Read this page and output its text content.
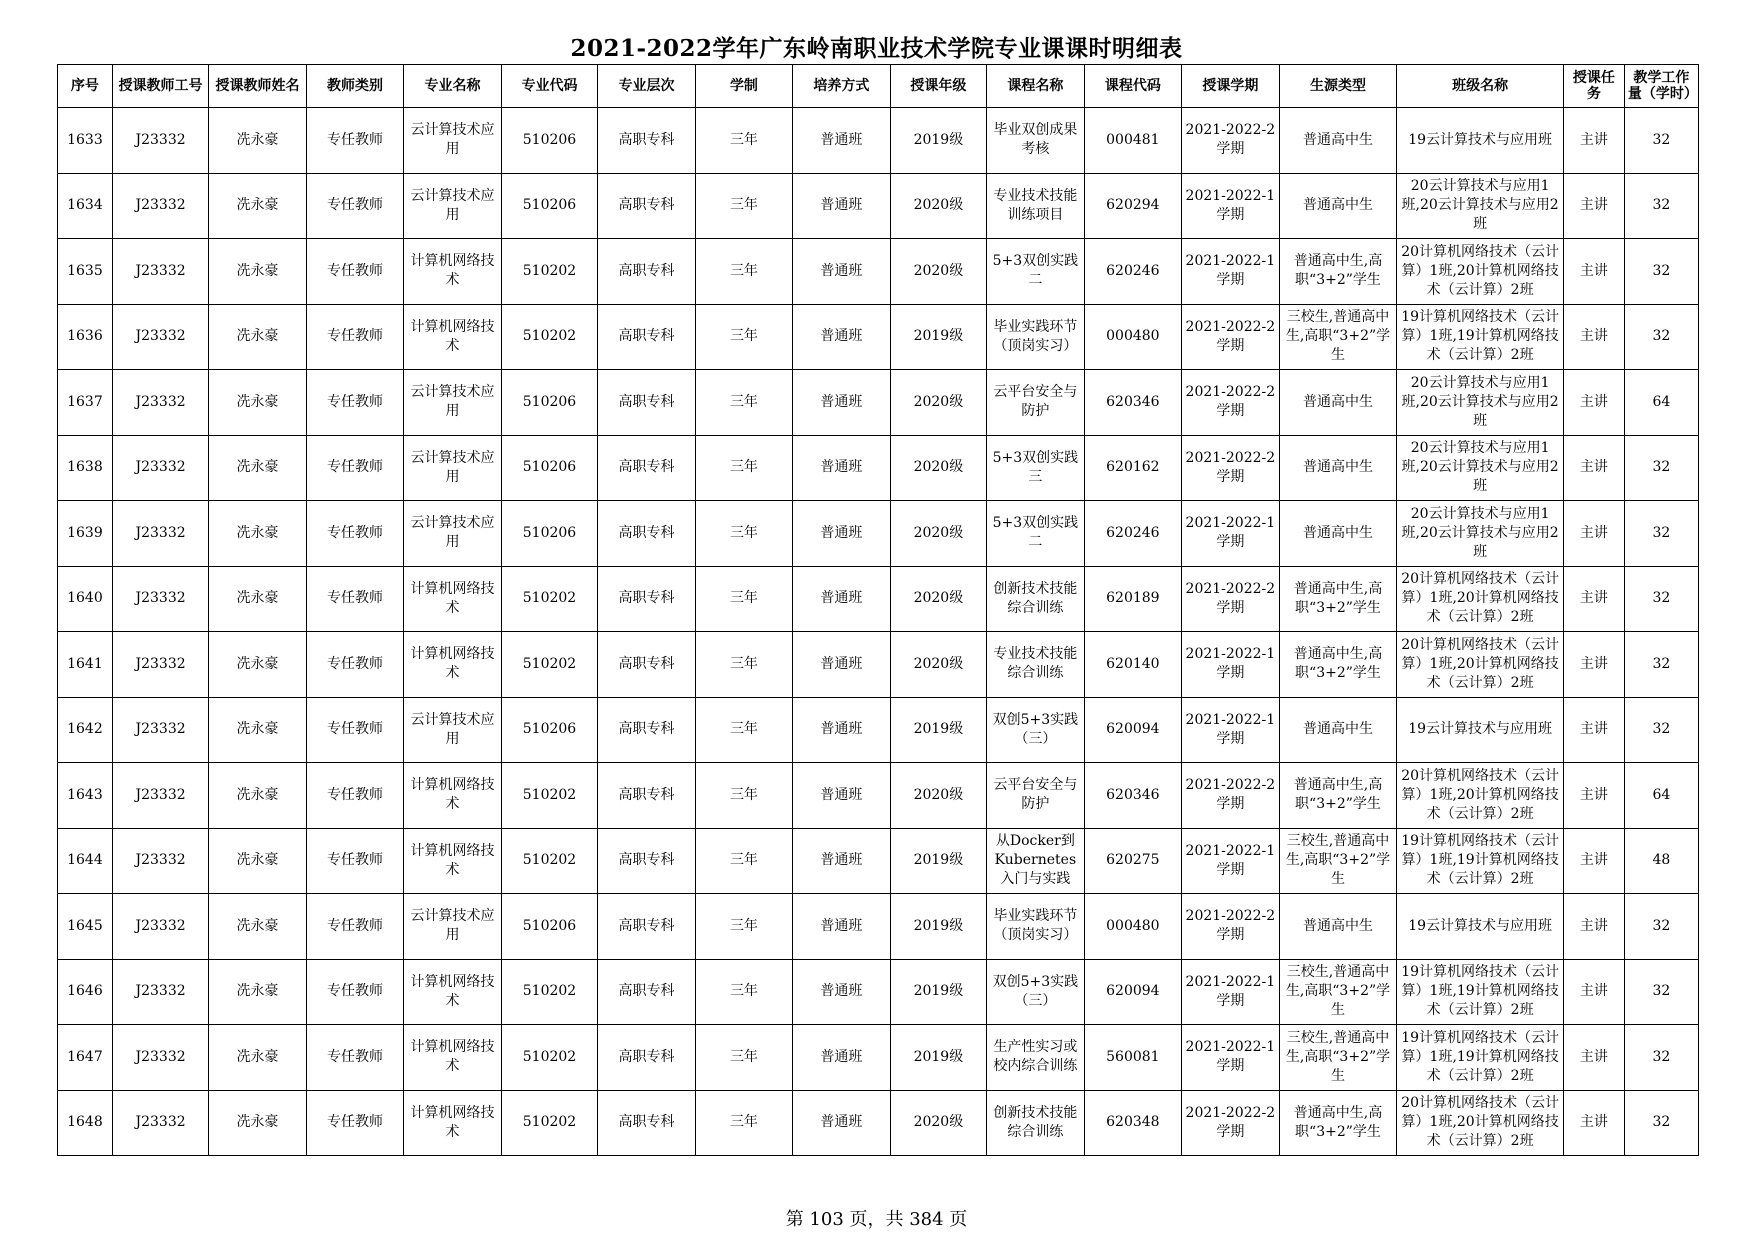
2021-2022学年广东岭南职业技术学院专业课课时明细表
序号	授课教师工号	授课教师姓名	教师类别	专业名称	专业代码	专业层次	学制	培养方式	授课年级	课程名称	课程代码	授课学期	生源类型	班级名称	授课任务	教学工作量（学时）

1633	J23332	冼永豪	专任教师	云计算技术应用	510206	高职专科	三年	普通班	2019级	毕业双创成果考核	000481	2021-2022-2学期	普通高中生	19云计算技术与应用班	主讲	32

1634	J23332	冼永豪	专任教师	云计算技术应用	510206	高职专科	三年	普通班	2020级	专业技术技能训练项目	620294	2021-2022-1学期	普通高中生	20云计算技术与应用1班,20云计算技术与应用2班	主讲	32

1635	J23332	冼永豪	专任教师	计算机网络技术	510202	高职专科	三年	普通班	2020级	5+3双创实践二	620246	2021-2022-1学期	普通高中生,高职“3+2”学生	20计算机网络技术（云计算）1班,20计算机网络技术（云计算）2班	主讲	32

1636	J23332	冼永豪	专任教师	计算机网络技术	510202	高职专科	三年	普通班	2019级	毕业实践环节（顶岗实习）	000480	2021-2022-2学期	三校生,普通高中生,高职“3+2”学生	19计算机网络技术（云计算）1班,19计算机网络技术（云计算）2班	主讲	32

1637	J23332	冼永豪	专任教师	云计算技术应用	510206	高职专科	三年	普通班	2020级	云平台安全与防护	620346	2021-2022-2学期	普通高中生	20云计算技术与应用1班,20云计算技术与应用2班	主讲	64

1638	J23332	冼永豪	专任教师	云计算技术应用	510206	高职专科	三年	普通班	2020级	5+3双创实践三	620162	2021-2022-2学期	普通高中生	20云计算技术与应用1班,20云计算技术与应用2班	主讲	32

1639	J23332	冼永豪	专任教师	云计算技术应用	510206	高职专科	三年	普通班	2020级	5+3双创实践二	620246	2021-2022-1学期	普通高中生	20云计算技术与应用1班,20云计算技术与应用2班	主讲	32

1640	J23332	冼永豪	专任教师	计算机网络技术	510202	高职专科	三年	普通班	2020级	创新技术技能综合训练	620189	2021-2022-2学期	普通高中生,高职“3+2”学生	20计算机网络技术（云计算）1班,20计算机网络技术（云计算）2班	主讲	32

1641	J23332	冼永豪	专任教师	计算机网络技术	510202	高职专科	三年	普通班	2020级	专业技术技能综合训练	620140	2021-2022-1学期	普通高中生,高职“3+2”学生	20计算机网络技术（云计算）1班,20计算机网络技术（云计算）2班	主讲	32

1642	J23332	冼永豪	专任教师	云计算技术应用	510206	高职专科	三年	普通班	2019级	双创5+3实践（三）	620094	2021-2022-1学期	普通高中生	19云计算技术与应用班	主讲	32

1643	J23332	冼永豪	专任教师	计算机网络技术	510202	高职专科	三年	普通班	2020级	云平台安全与防护	620346	2021-2022-2学期	普通高中生,高职“3+2”学生	20计算机网络技术（云计算）1班,20计算机网络技术（云计算）2班	主讲	64

1644	J23332	冼永豪	专任教师	计算机网络技术	510202	高职专科	三年	普通班	2019级	从Docker到Kubernetes入门与实践	620275	2021-2022-1学期	三校生,普通高中生,高职“3+2”学生	19计算机网络技术（云计算）1班,19计算机网络技术（云计算）2班	主讲	48

1645	J23332	冼永豪	专任教师	云计算技术应用	510206	高职专科	三年	普通班	2019级	毕业实践环节（顶岗实习）	000480	2021-2022-2学期	普通高中生	19云计算技术与应用班	主讲	32

1646	J23332	冼永豪	专任教师	计算机网络技术	510202	高职专科	三年	普通班	2019级	双创5+3实践（三）	620094	2021-2022-1学期	三校生,普通高中生,高职“3+2”学生	19计算机网络技术（云计算）1班,19计算机网络技术（云计算）2班	主讲	32

1647	J23332	冼永豪	专任教师	计算机网络技术	510202	高职专科	三年	普通班	2019级	生产性实习或校内综合训练	560081	2021-2022-1学期	三校生,普通高中生,高职“3+2”学生	19计算机网络技术（云计算）1班,19计算机网络技术（云计算）2班	主讲	32

1648	J23332	冼永豪	专任教师	计算机网络技术	510202	高职专科	三年	普通班	2020级	创新技术技能综合训练	620348	2021-2022-2学期	普通高中生,高职“3+2”学生	20计算机网络技术（云计算）1班,20计算机网络技术（云计算）2班	主讲	32
第 103 页，共 384 页
